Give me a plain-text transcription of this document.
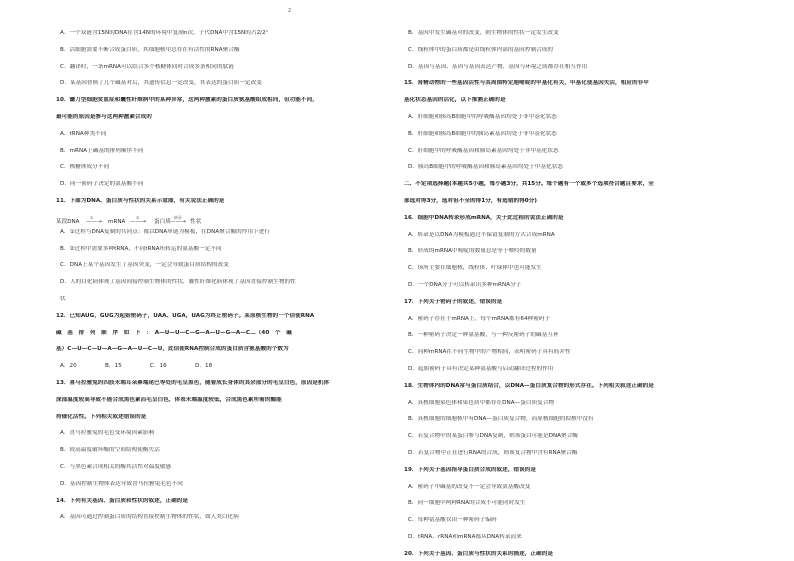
2
A．一个双链含15N的DNA在含14N的环境中复制n次，子代DNA中含15N的占2/2ⁿ
B．活细胞需要不断合成蛋白质，其细胞核中总存在有活性的RNA聚合酶
C．翻译时，一条mRNA可以结合多个核糖体同时合成多条相同的肽链
D．某基因替换了几个碱基对后，其遗传信息一定改变，其表达的蛋白质一定改变
10．镰刀型细胞贫血症和囊性纤维病中的某种异常，这两种激素的蛋白质氨基酸组成相同，但功能不同，
最可能的原因是参与这两种激素合成的
A．tRNA种类不同
B．mRNA上碱基的排列顺序不同
C．核糖体成分不同
D．同一密码子决定的氨基酸不同
11．下图为DNA、蛋白质与性状的关系示意图，有关说法正确的是
某段DNA
①
——→ mRNA
②
——→ 蛋白质
转录
——→ 性状
A．①过程与DNA复制的共同点：都以DNA单链为模板，在DNA聚合酶的作用下进行
B．②过程中需要多种tRNA，不同tRNA所转运的氨基酸一定不同
C．DNA上某个基因发生了基因突变，一定会导致蛋白质结构的改变
D．人的白化病体现了基因间接控制生物体的性状，囊性纤维化病体现了基因直接控制生物的性
状
12．已知AUG，GUG为起始密码子，UAA、UGA，UAG为终止密码子。某原核生物的一个信使RNA
碱　基　排　列　顺　序　如　下　：　A—U—U—C—G—A—U—G—A—C…（40　个　碱
基）C—U—C—U—A—G—A—U—C—U，此信使RNA控制合成的蛋白质含氨基酸的个数为
A．20　　　　　B．15　　　　　C．16　　　　　D．18
13．喜马拉雅兔的四肢末端耳朵鼻端尾巴等处的毛呈黑色，随着成长身体的其余部分的毛呈白色，原因是机体
深部温度较高导致不能合成黑色素而毛呈白色，体表末端温度较低，合成黑色素所需的酶能
持催化活性。下列相关叙述错误的是
A．喜马拉雅兔的毛色受环境因素影响
B．较高温度破坏酶的空间结构使酶失活
C．与黑色素合成相关的酶其活性对温度敏感
D．基因控制生物体表达导致喜马拉雅兔毛色不同
14．下列有关基因、蛋白质和性状的叙述，正确的是
A．基因可通过控制蛋白质的结构直接控制生物体的性状，如人类白化病
B．基因中发生碱基对的改变，则生物体的性状一定发生改变
C．线粒体中的蛋白质都是由线粒体内部的基因控制合成的
D．基因与基因、基因与基因表达产物、基因与环境之间都存在相互作用
15．肾精动物的一些基因活性与其周围特定胞嘧啶的甲基化有关，甲基化使基因失活，相应的非甲
基化状态基因的活化，以下推测正确的是
A．肝细胞和胰岛B细胞中的呼吸酶基因均处于非甲基化状态
B．肝细胞和胰岛B细胞中的胰岛素基因均处于非甲基化状态
C．肝细胞中的呼吸酶基因和胰岛素基因均处于非甲基化状态
D．胰岛B细胞中的呼吸酶基因和胰岛素基因均处于甲基化状态
二、不定项选择题(本题共5小题，每小题3分，共15分。每个题有一个或多个选项符合题目要求，全
部选对得3分，选对但不全的得1分，有选错的得0分)
16．细胞中DNA转录形成mRNA，关于此过程的说法正确的是
A．转录是以DNA为模板通过半保留复制的方式合成mRNA
B．形成的mRNA中嘧啶的数量总是等于嘌呤的数量
C．场所主要在细胞核，线粒体、叶绿体中也可能发生
D．一个DNA分子可以转录出多种mRNA分子
17．下列关于密码子的叙述，错误的是
A．密码子存在于mRNA上，每个mRNA都有64种密码子
B．一种密码子决定一种氨基酸，与一种反密码子的碱基互补
C．同种mRNA在不同生物中的产物相同，表明密码子具有简并性
D．起始密码子具有决定某种氨基酸与启动翻译过程的作用
18．生物体内的DNA常与蛋白质结合，以DNA—蛋白质复合物的形式存在。下列相关叙述正确的是
A．真核细胞染色体和染色质中都存在DNA—蛋白质复合物
B．真核细胞的细胞核中有DNA—蛋白质复合物，而原核细胞的拟核中没有
C．若复合物中的某蛋白参与DNA复制，则该蛋白可能是DNA聚合酶
D．若复合物中正在进行RNA的合成，则该复合物中含有RNA聚合酶
19．下列关于基因指导蛋白质合成的叙述，错误的是
A．密码子中碱基的改变不一定会导致氨基酸改变
B．同一细胞中两种RNA的合成不可能同时发生
C．每种氨基酸仅由一种密码子编码
D．tRNA、rRNA和mRNA都从DNA转录而来
20．下列关于基因、蛋白质与性状的关系的描述，正确的是
